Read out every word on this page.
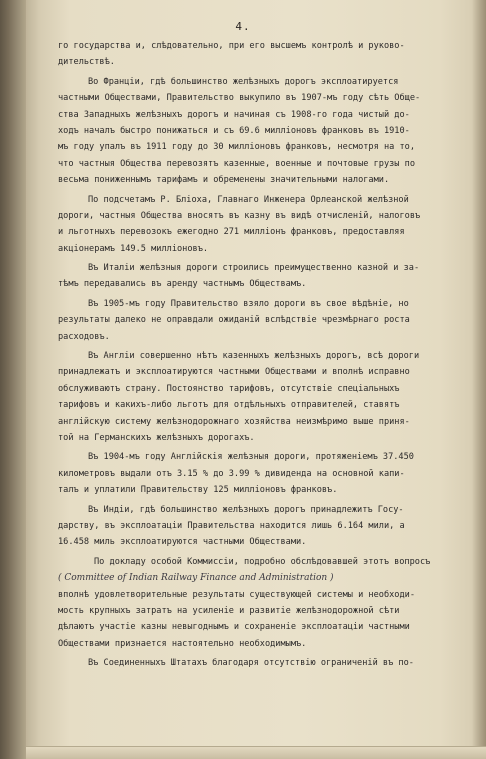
4.
го государства и, слѣдовательно, при его высшемъ контролѣ и руково-
дительствѣ.
Во Франціи, гдѣ большинство желѣзныхъ дорогъ эксплоатируется
частными Обществами, Правительство выкупило въ 1907-мъ году сѣть Обще-
ства Западныхъ желѣзныхъ дорогъ и начиная съ 1908-го года чистый до-
ходъ началъ быстро понижаться и съ 69.6 милліоновъ франковъ въ 1910-
мъ году упалъ въ 1911 году до 30 милліоновъ франковъ, несмотря на то,
что частныя Общества перевозятъ казенные, военные и почтовые грузы по
весьма пониженнымъ тарифамъ и обременены значительными налогами.
По подсчетамъ Р. Бліоха, Главнаго Инженера Орлеанской желѣзной
дороги, частныя Общества вносятъ въ казну въ видѣ отчисленій, налоговъ
и льготныхъ перевозокъ ежегодно 271 милліонъ франковъ, предоставляя
акціонерамъ 149.5 милліоновъ.
Въ Италіи желѣзныя дороги строились преимущественно казной и за-
тѣмъ передавались въ аренду частнымъ Обществамъ.
Въ 1905-мъ году Правительство взяло дороги въ свое вѣдѣніе, но
результаты далеко не оправдали ожиданій вслѣдствіе чрезмѣрнаго роста
расходовъ.
Въ Англіи совершенно нѣтъ казенныхъ желѣзныхъ дорогъ, всѣ дороги
принадлежатъ и эксплоатируются частными Обществами и вполнѣ исправно
обслуживаютъ страну. Постоянство тарифовъ, отсутствіе спеціальныхъ
тарифовъ и какихъ-либо льготъ для отдѣльныхъ отправителей, ставятъ
англійскую систему желѣзнодорожнаго хозяйства неизмѣримо выше приня-
той на Германскихъ желѣзныхъ дорогахъ.
Въ 1904-мъ году Англійскія желѣзныя дороги, протяженіемъ 37.450
километровъ выдали отъ 3.15 % до 3.99 % дивиденда на основной капи-
талъ и уплатили Правительству 125 милліоновъ франковъ.
Въ Индіи, гдѣ большинство желѣзныхъ дорогъ принадлежитъ Госу-
дарству, въ эксплоатаціи Правительства находится лишь 6.164 мили, а
16.458 миль эксплоатируются частными Обществами.
По докладу особой Коммиссіи, подробно обслѣдовавшей этотъ вопросъ
( Committee of Indian Railway Finance and Administration )
вполнѣ удовлетворительные результаты существующей системы и необходи-
мость крупныхъ затратъ на усиленіе и развитіе желѣзнодорожной сѣти
дѣлаютъ участіе казны невыгоднымъ и сохраненіе эксплоатаціи частными
Обществами признается настоятельно необходимымъ.
Въ Соединенныхъ Штатахъ благодаря отсутствію ограниченій въ по-
